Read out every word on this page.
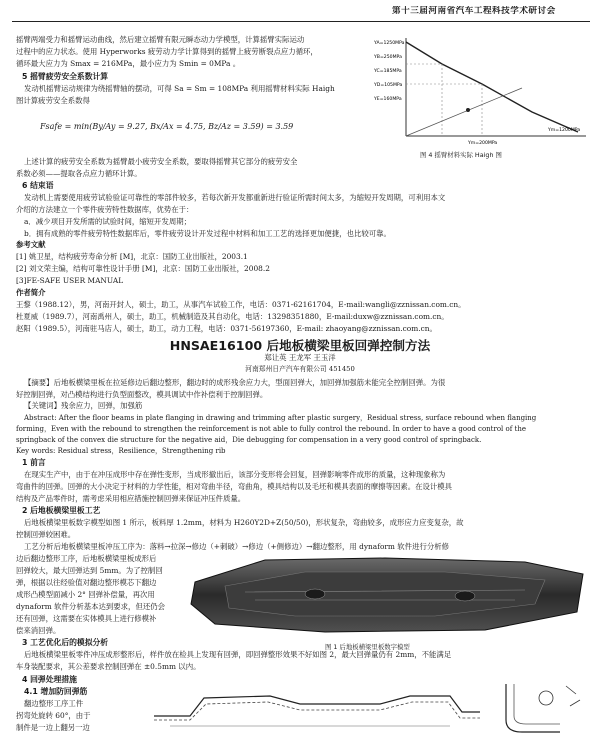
第十三届河南省汽车工程科技学术研讨会
摇臂两端受力和摇臂运动曲线，然后建立摇臂有限元瞬态动力学模型，计算摇臂实际运动
过程中的应力状态。使用 Hyperworks 疲劳动力学计算得到的摇臂上疲劳断裂点应力循环，
循环最大应力为 Smax = 216MPa，最小应力为 Smin = 0MPa 。
5 摇臂疲劳安全系数计算
发动机摇臂运动规律为绕摇臂轴的摆动，可得 Sa = Sm = 108MPa 利用摇臂材料实际 Haigh
图计算疲劳安全系数得
Fsafe = min(By/Ay = 9.27, Bx/Ax = 4.75, Bz/Az = 3.59) = 3.59
上述计算的疲劳安全系数为摇臂最小疲劳安全系数，要取得摇臂其它部分的疲劳安全
系数必须——提取各点应力循环计算。
YA=1250MPa
YB=250MPa
YC=185MPa
YD=105MPa
YE=160MPa
Ym=200MPa
Ym=1200MPa
图 4 摇臂材料实际 Haigh 图
6 结束语
发动机上需要使用疲劳试验验证可靠性的零部件较多，若每次新开发都重新进行验证所需时间太多，为缩短开发周期，可利用本文
介绍的方法建立一个零件疲劳特性数据库，优势在于：
a．减少项目开发所需的试验时间，缩短开发周期；
b．拥有成熟的零件疲劳特性数据库后，零件疲劳设计开发过程中材料和加工工艺的选择更加便捷，也比较可靠。
参考文献
[1] 姚卫星，结构疲劳寿命分析 [M]，北京：国防工业出版社，2003.1
[2] 刘文荣主编，结构可靠性设计手册 [M]，北京：国防工业出版社，2008.2
[3]FE-SAFE USER MANUAL
作者简介
王黎（1988.12），男，河南开封人，硕士，助工，从事汽车试验工作，电话：0371-62161704，E-mail:wangli@zznissan.com.cn。
杜夏威（1989.7），河南禹州人，硕士，助工，机械制造及其自动化，电话：13298351880，E-mail:duxw@zznissan.com.cn。
赵阳（1989.5），河南驻马店人，硕士，助工，动力工程，电话：0371-56197360，E-mail: zhaoyang@zznissan.com.cn。
HNSAE16100 后地板横梁里板回弹控制方法
郑让英 王龙军 王玉洋
河南郑州日产汽车有限公司 451450
【摘要】后地板横梁里板在拉延修边后翻边整形，翻边时的成形残余应力大，型面回弹大，加回弹加强筋未能完全控制回弹。为很
好控制回弹，对凸模结构进行负型面整改，模具调试中作补偿利于控制回弹。
【关键词】残余应力，回弹，加强筋
Abstract: After the floor beams in plate flanging in drawing and trimming after plastic surgery，Residual stress, surface rebound when flanging
forming，Even with the rebound to strengthen the reinforcement is not able to fully control the rebound. In order to have a good control of the
springback of the convex die structure for the negative aid，Die debugging for compensation in a very good control of springback.
Key words: Residual stress，Resilience，Strengthening rib
1 前言
在现实生产中，由于在冲压成形中存在弹性变形，当成形撤出后，该部分变形将会回复，回弹影响零件成形的质量，这种现象称为
弯曲件的回弹。回弹的大小决定于材料的力学性能，相对弯曲半径，弯曲角，模具结构以及毛坯和模具表面的摩擦等因素。在设计模具
结构及产品零件时，需考虑采用相应措施控制回弹来保证冲压件质量。
2 后地板横梁里板工艺
后地板横梁里板数字模型如图 1 所示，板料厚 1.2mm，材料为 H260Y2D+Z(50/50)，形状复杂，弯曲较多，成形应力应变复杂，故
控制回弹较困难。
工艺分析后地板横梁里板冲压工序为：落料→拉深→修边（+刺破）→修边（+侧修边）→翻边整形，用 dynaform 软件进行分析修
边后翻边整形工序，后地板横梁里板成形后
回弹较大，最大回弹达到 5mm。为了控制回
弹，根据以往经验值对翻边整形模芯下翻边
成形凸模型面减小 2° 回弹补偿量，再次用
dynaform 软件分析基本达到要求，但还仍会
还有回弹，这需要在实体模具上进行修模补
偿来消回弹。
图 1 后地板横梁里板数字模型
3 工艺优化后的模拟分析
后地板横梁里板零件冲压成形整形后，样件放在检具上发现有回弹，即回弹整形效果不好如图 2，最大回弹量仍有 2mm，不能满足
车身装配要求，其公差要求控制回弹在 ±0.5mm 以内。
4 回弹处理措施
4.1 增加防回弹筋
翻边整形工序工件
拐弯处旋转 60°，由于
制件是一边上翻另一边
